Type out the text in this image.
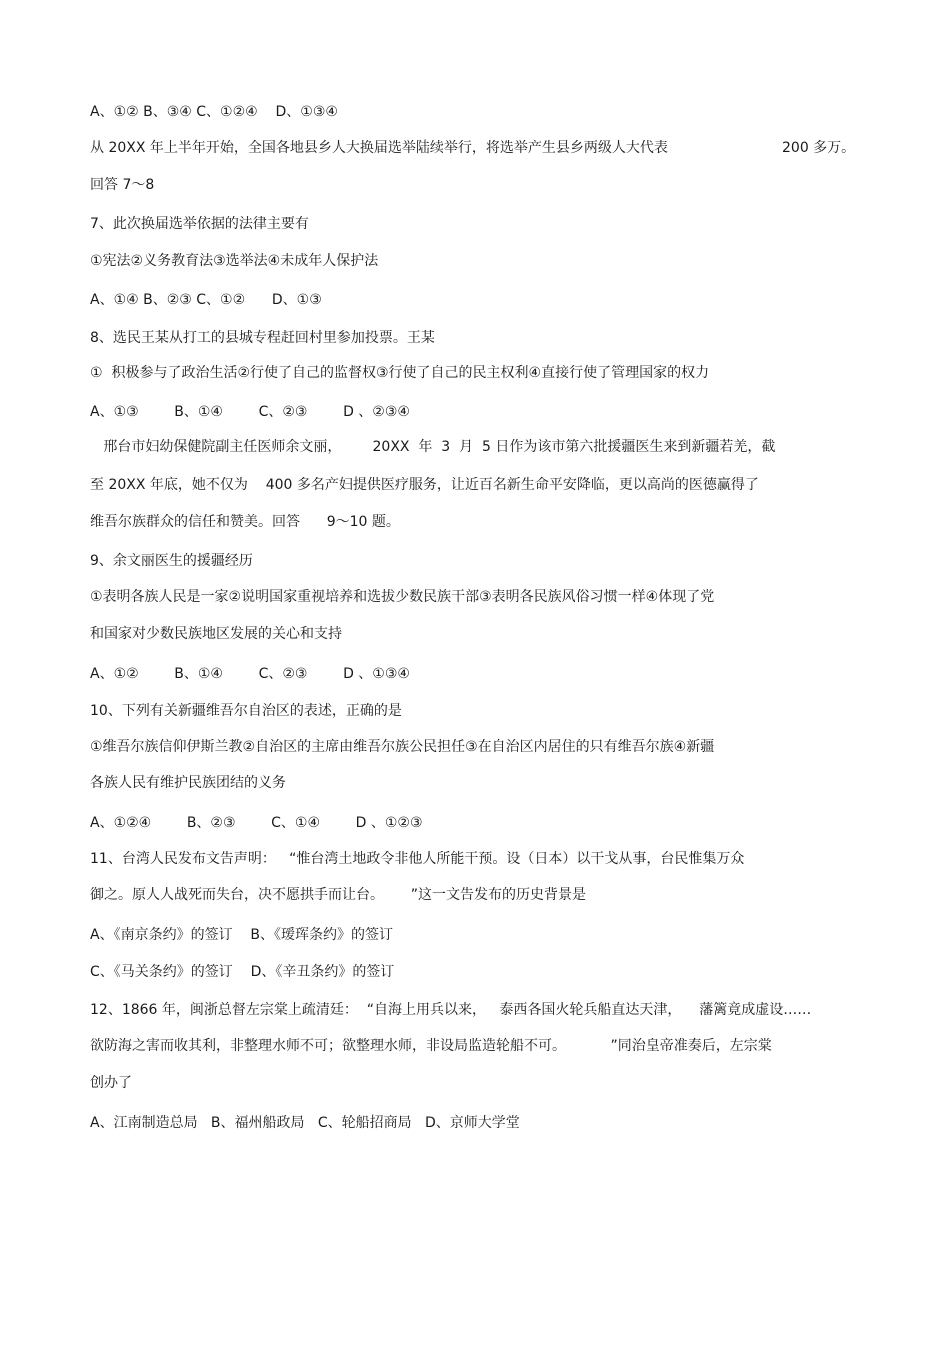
A、①② B、③④ C、①②④    D、①③④
从 20XX 年上半年开始，全国各地县乡人大换届选举陆续举行，将选举产生县乡两级人大代表	200 多万。
回答 7～8
7、此次换届选举依据的法律主要有
①宪法②义务教育法③选举法④未成年人保护法
A、①④ B、②③ C、①②      D、①③
8、选民王某从打工的县城专程赶回村里参加投票。王某
①  积极参与了政治生活②行使了自己的监督权③行使了自己的民主权利④直接行使了管理国家的权力
A、①③        B、①④        C、②③        D 、②③④
邢台市妇幼保健院副主任医师余文丽，       20XX  年  3  月  5 日作为该市第六批援疆医生来到新疆若羌，截
至 20XX 年底，她不仅为    400 多名产妇提供医疗服务，让近百名新生命平安降临，更以高尚的医德赢得了
维吾尔族群众的信任和赞美。回答      9～10 题。
9、余文丽医生的援疆经历
①表明各族人民是一家②说明国家重视培养和选拔少数民族干部③表明各民族风俗习惯一样④体现了党
和国家对少数民族地区发展的关心和支持
A、①②        B、①④        C、②③        D 、①③④
10、下列有关新疆维吾尔自治区的表述，正确的是
①维吾尔族信仰伊斯兰教②自治区的主席由维吾尔族公民担任③在自治区内居住的只有维吾尔族④新疆
各族人民有维护民族团结的义务
A、①②④        B、②③        C、①④        D 、①②③
11、台湾人民发布文告声明：   “惟台湾土地政令非他人所能干预。设（日本）以干戈从事，台民惟集万众
御之。原人人战死而失台，决不愿拱手而让台。      ”这一文告发布的历史背景是
A、《南京条约》的签订    B、《瑷珲条约》的签订
C、《马关条约》的签订    D、《辛丑条约》的签订
12、1866 年，闽浙总督左宗棠上疏清廷：  “自海上用兵以来，   泰西各国火轮兵船直达天津，    藩篱竟成虚设……
欲防海之害而收其利，非整理水师不可；欲整理水师，非设局监造轮船不可。          ”同治皇帝准奏后，左宗棠
创办了
A、江南制造总局   B、福州船政局   C、轮船招商局   D、京师大学堂
